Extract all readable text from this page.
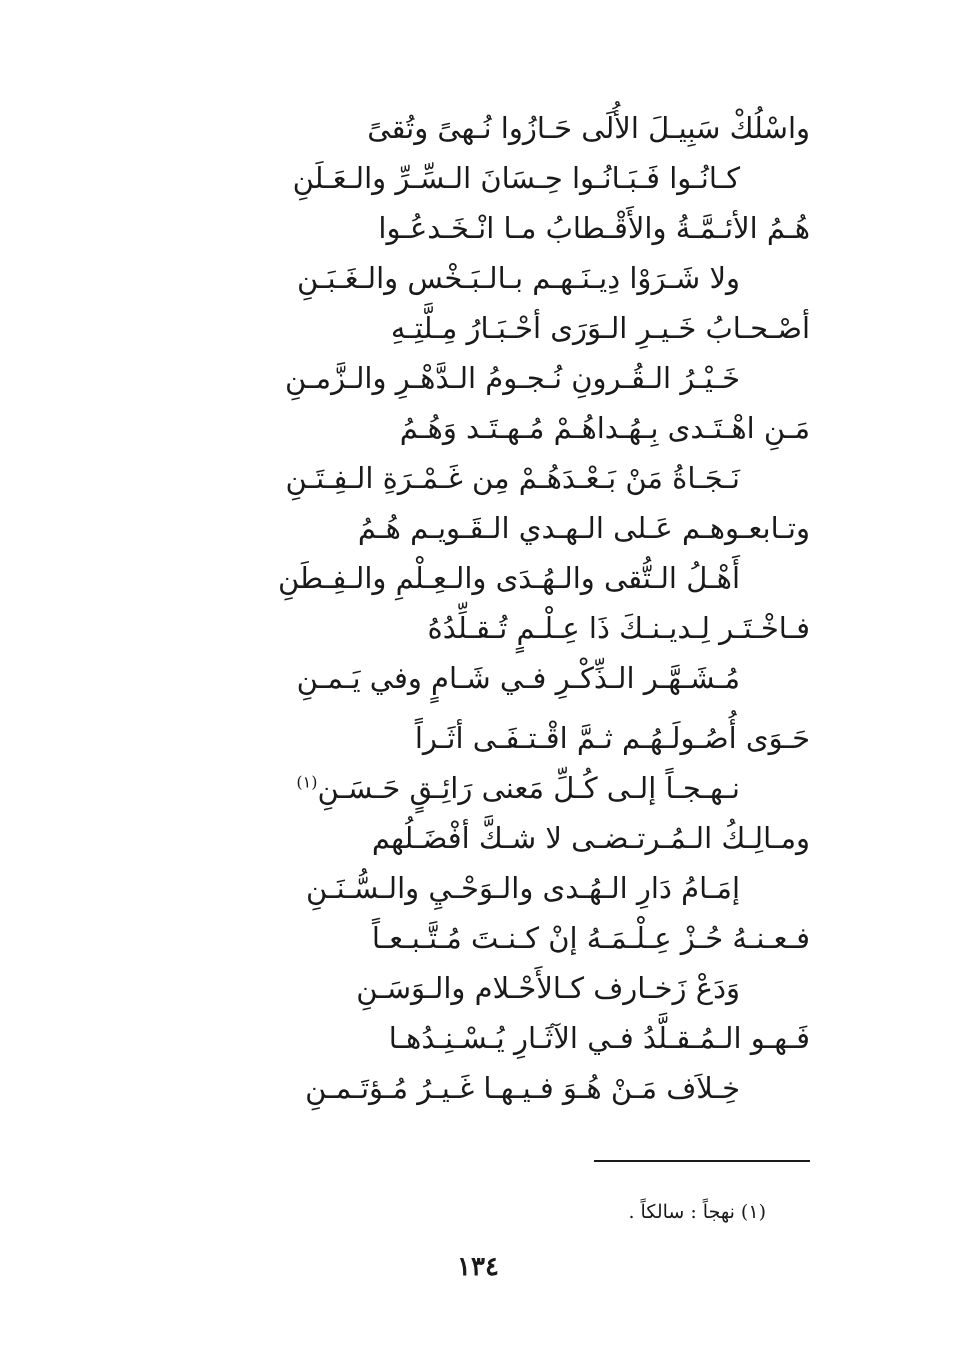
واسْلُكْ سَبِيـلَ الأُلَى حَـازُوا نُـهىً وتُقىً
كـانُـوا فَـبَـانُـوا حِـسَانَ الـسِّـرِّ والـعَـلَنِ
هُـمُ الأئـمَّـةُ والأَقْـطابُ مـا انْـخَـدعُـوا
ولا شَـرَوْا دِيـنَـهـم بـالـبَـخْس والـغَـبَـنِ
أصْـحـابُ خَـيـرِ الـوَرَى أحْـبَـارُ مِـلَّتِـهِ
خَـيْـرُ الـقُـرونِ نُـجـومُ الـدَّهْـرِ والـزَّمـنِ
مَـنِ اهْـتَـدى بِـهُـداهُـمْ مُـهـتَـد وَهُـمُ
نَـجَـاةُ مَنْ بَـعْـدَهُـمْ مِن غَـمْـرَةِ الـفِـتَـنِ
وتـابعـوهـم عَـلى الـهـدي الـقَـويـم هُـمُ
أَهْـلُ الـتُّقى والـهُـدَى والـعِـلْمِ والـفِـطَنِ
فـاخْـتَـر لِـديـنـكَ ذَا عِـلْـمٍ تُـقـلِّدُهُ
مُـشَـهَّـر الـذِّكْـرِ فـي شَـامٍ وفي يَـمـنِ
حَـوَى أُصُـولَـهُـم ثـمَّ اقْـتـفَـى أثَـراً
نـهـجـاً إلـى كُـلِّ مَعنى رَائِـقٍ حَـسَـنِ$^{(١)}$
ومـالِـكُ الـمُـرتـضـى لا شـكَّ أفْضَـلُهم
إمَـامُ دَارِ الـهُـدى والـوَحْـيِ والـسُّـنَـنِ
فـعـنـهُ حُـزْ عِـلْـمَـهُ إنْ كـنـتَ مُـتَّـبـعـاً
وَدَعْ زَخـارف كـالأَحْـلام والـوَسَـنِ
فَـهـو الـمُـقـلَّدُ فـي الآثَـارِ يُـسْـنِـدُهـا
خِـلاَف مَـنْ هُـوَ فـيـهـا غَـيـرُ مُـؤتَـمـنِ
(١) نهجاً : سالكاً .
١٣٤
